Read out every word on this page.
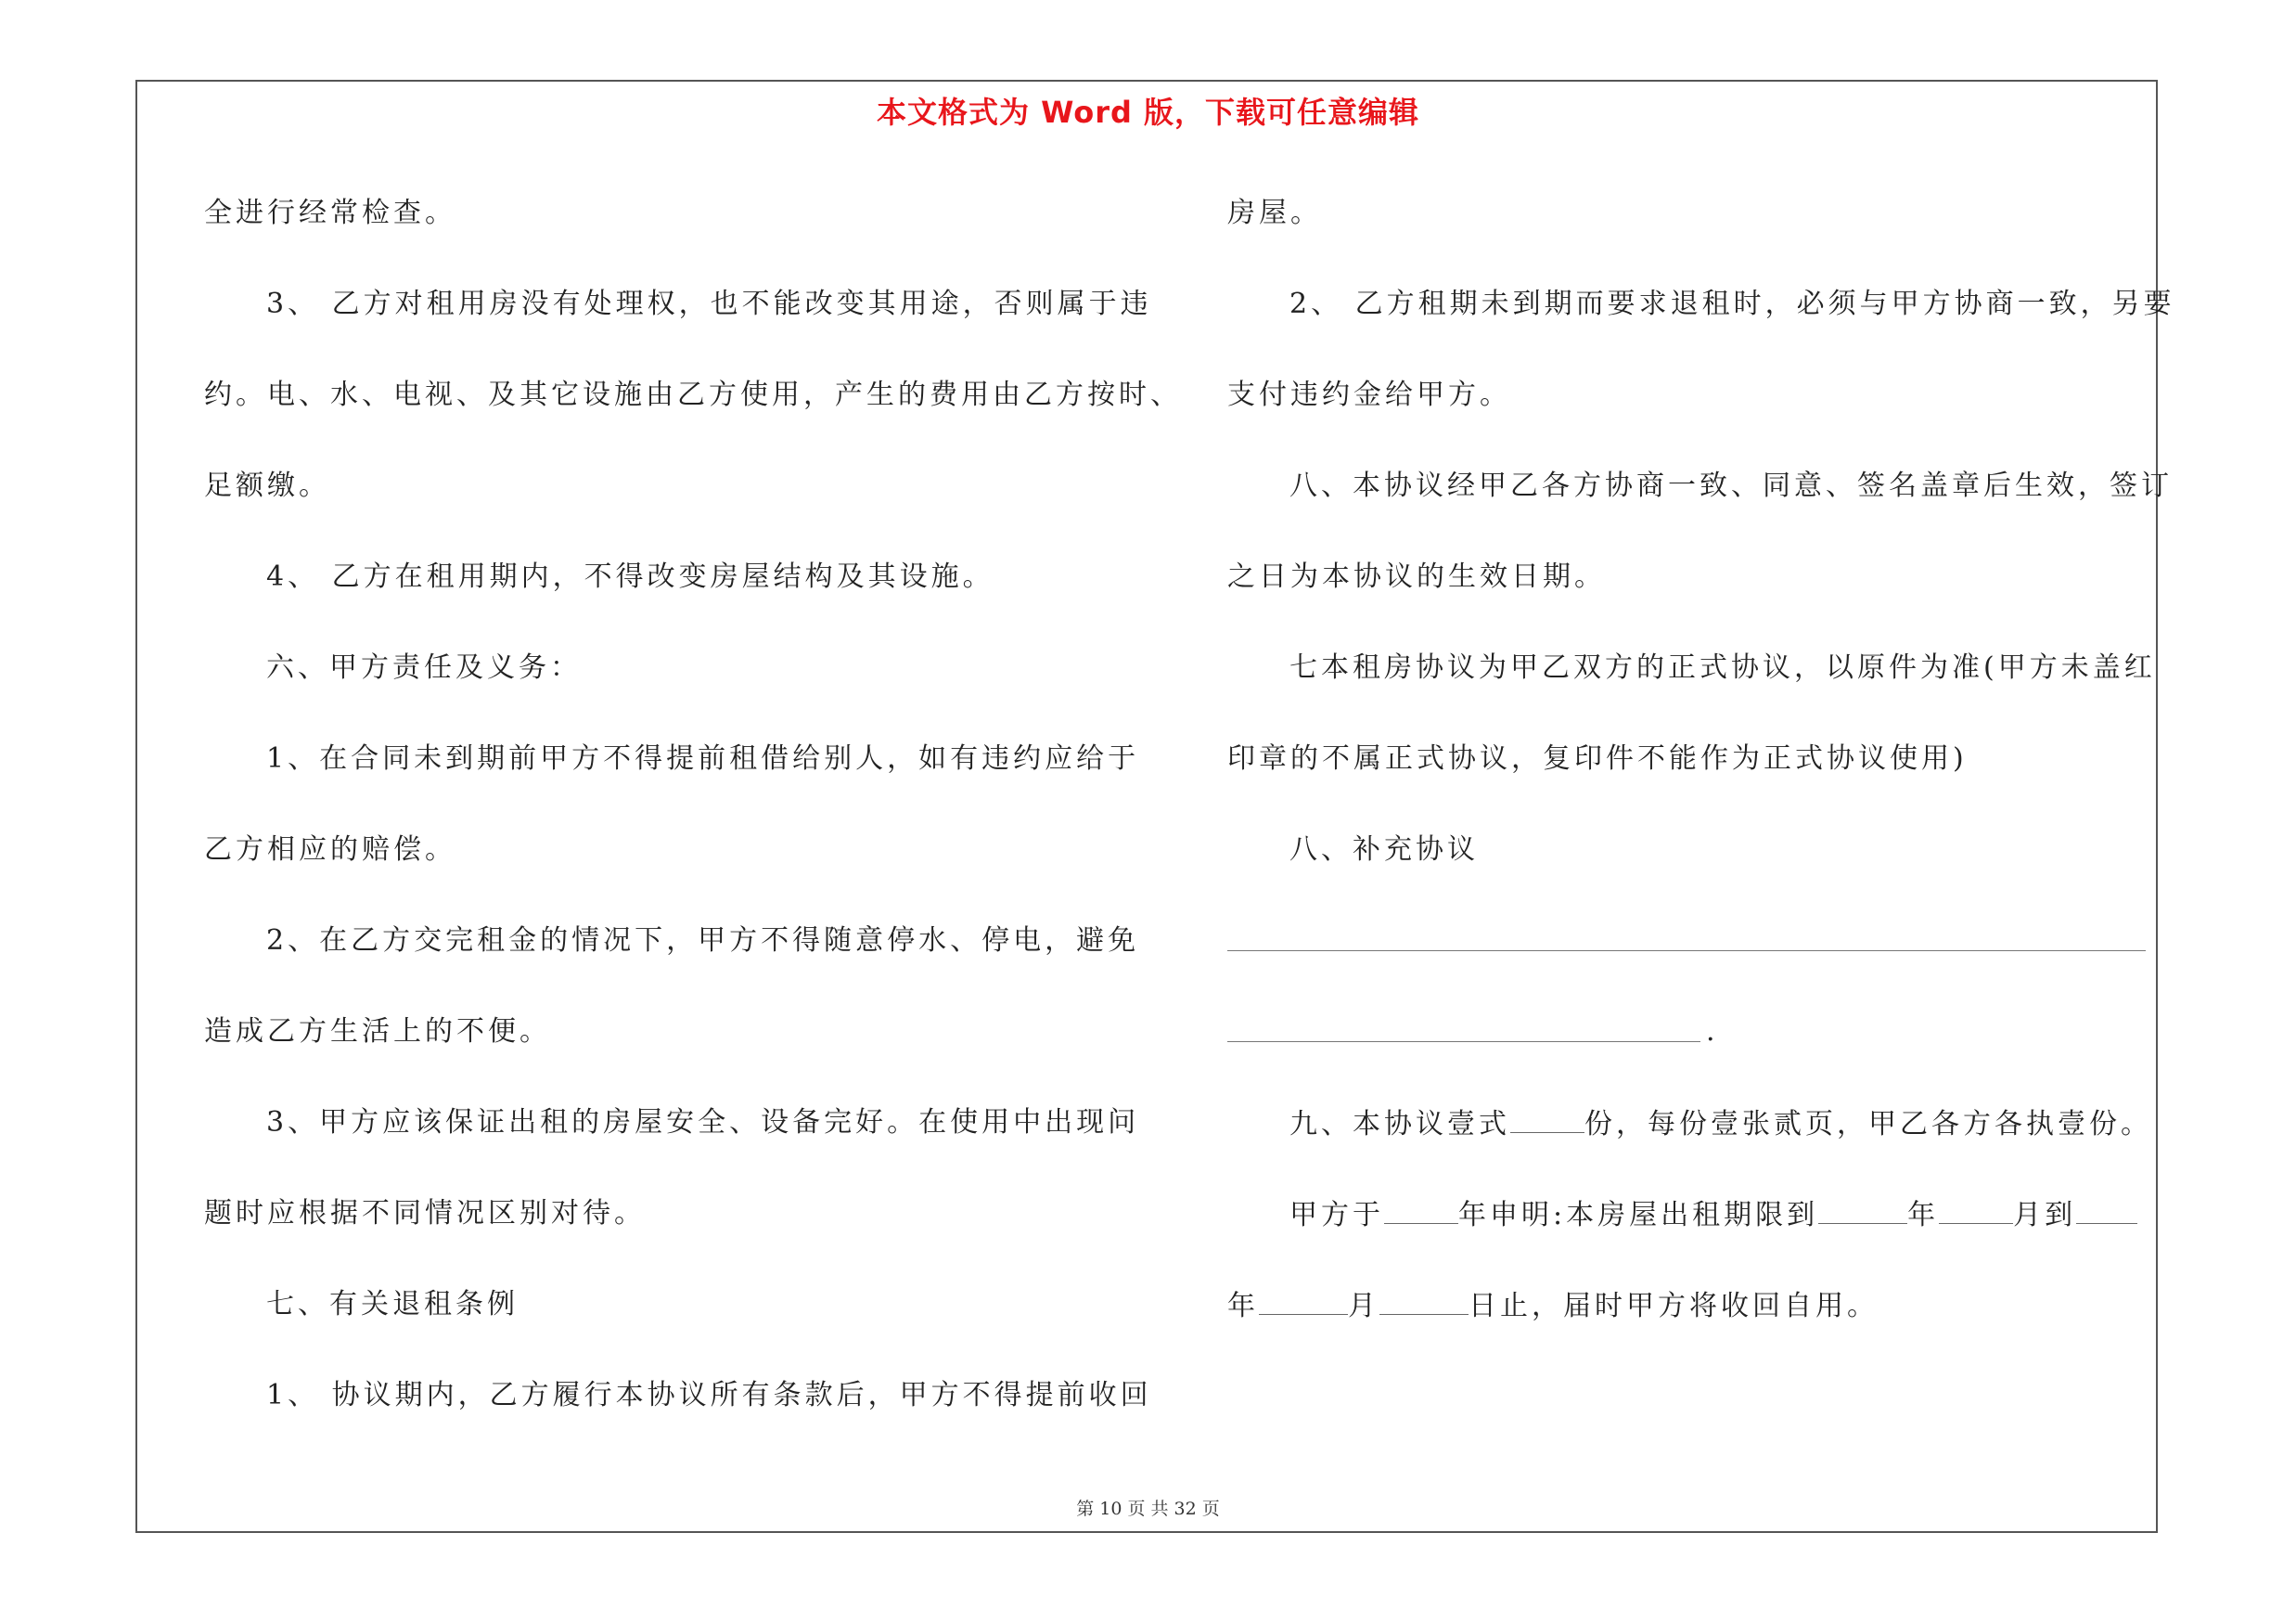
本文格式为 Word 版，下载可任意编辑
全进行经常检查。
3、 乙方对租用房没有处理权，也不能改变其用途，否则属于违
约。电、水、电视、及其它设施由乙方使用，产生的费用由乙方按时、
足额缴。
4、 乙方在租用期内，不得改变房屋结构及其设施。
六、甲方责任及义务：
1、在合同未到期前甲方不得提前租借给别人，如有违约应给于
乙方相应的赔偿。
2、在乙方交完租金的情况下，甲方不得随意停水、停电，避免
造成乙方生活上的不便。
3、甲方应该保证出租的房屋安全、设备完好。在使用中出现问
题时应根据不同情况区别对待。
七、有关退租条例
1、 协议期内，乙方履行本协议所有条款后，甲方不得提前收回
房屋。
2、 乙方租期未到期而要求退租时，必须与甲方协商一致，另要
支付违约金给甲方。
八、本协议经甲乙各方协商一致、同意、签名盖章后生效，签订
之日为本协议的生效日期。
七本租房协议为甲乙双方的正式协议，以原件为准(甲方未盖红
印章的不属正式协议，复印件不能作为正式协议使用)
八、补充协议
.
九、本协议壹式	份，每份壹张贰页，甲乙各方各执壹份。
甲方于	年申明:本房屋出租期限到	年	月到
年	月	日止，届时甲方将收回自用。
第 10 页 共 32 页
